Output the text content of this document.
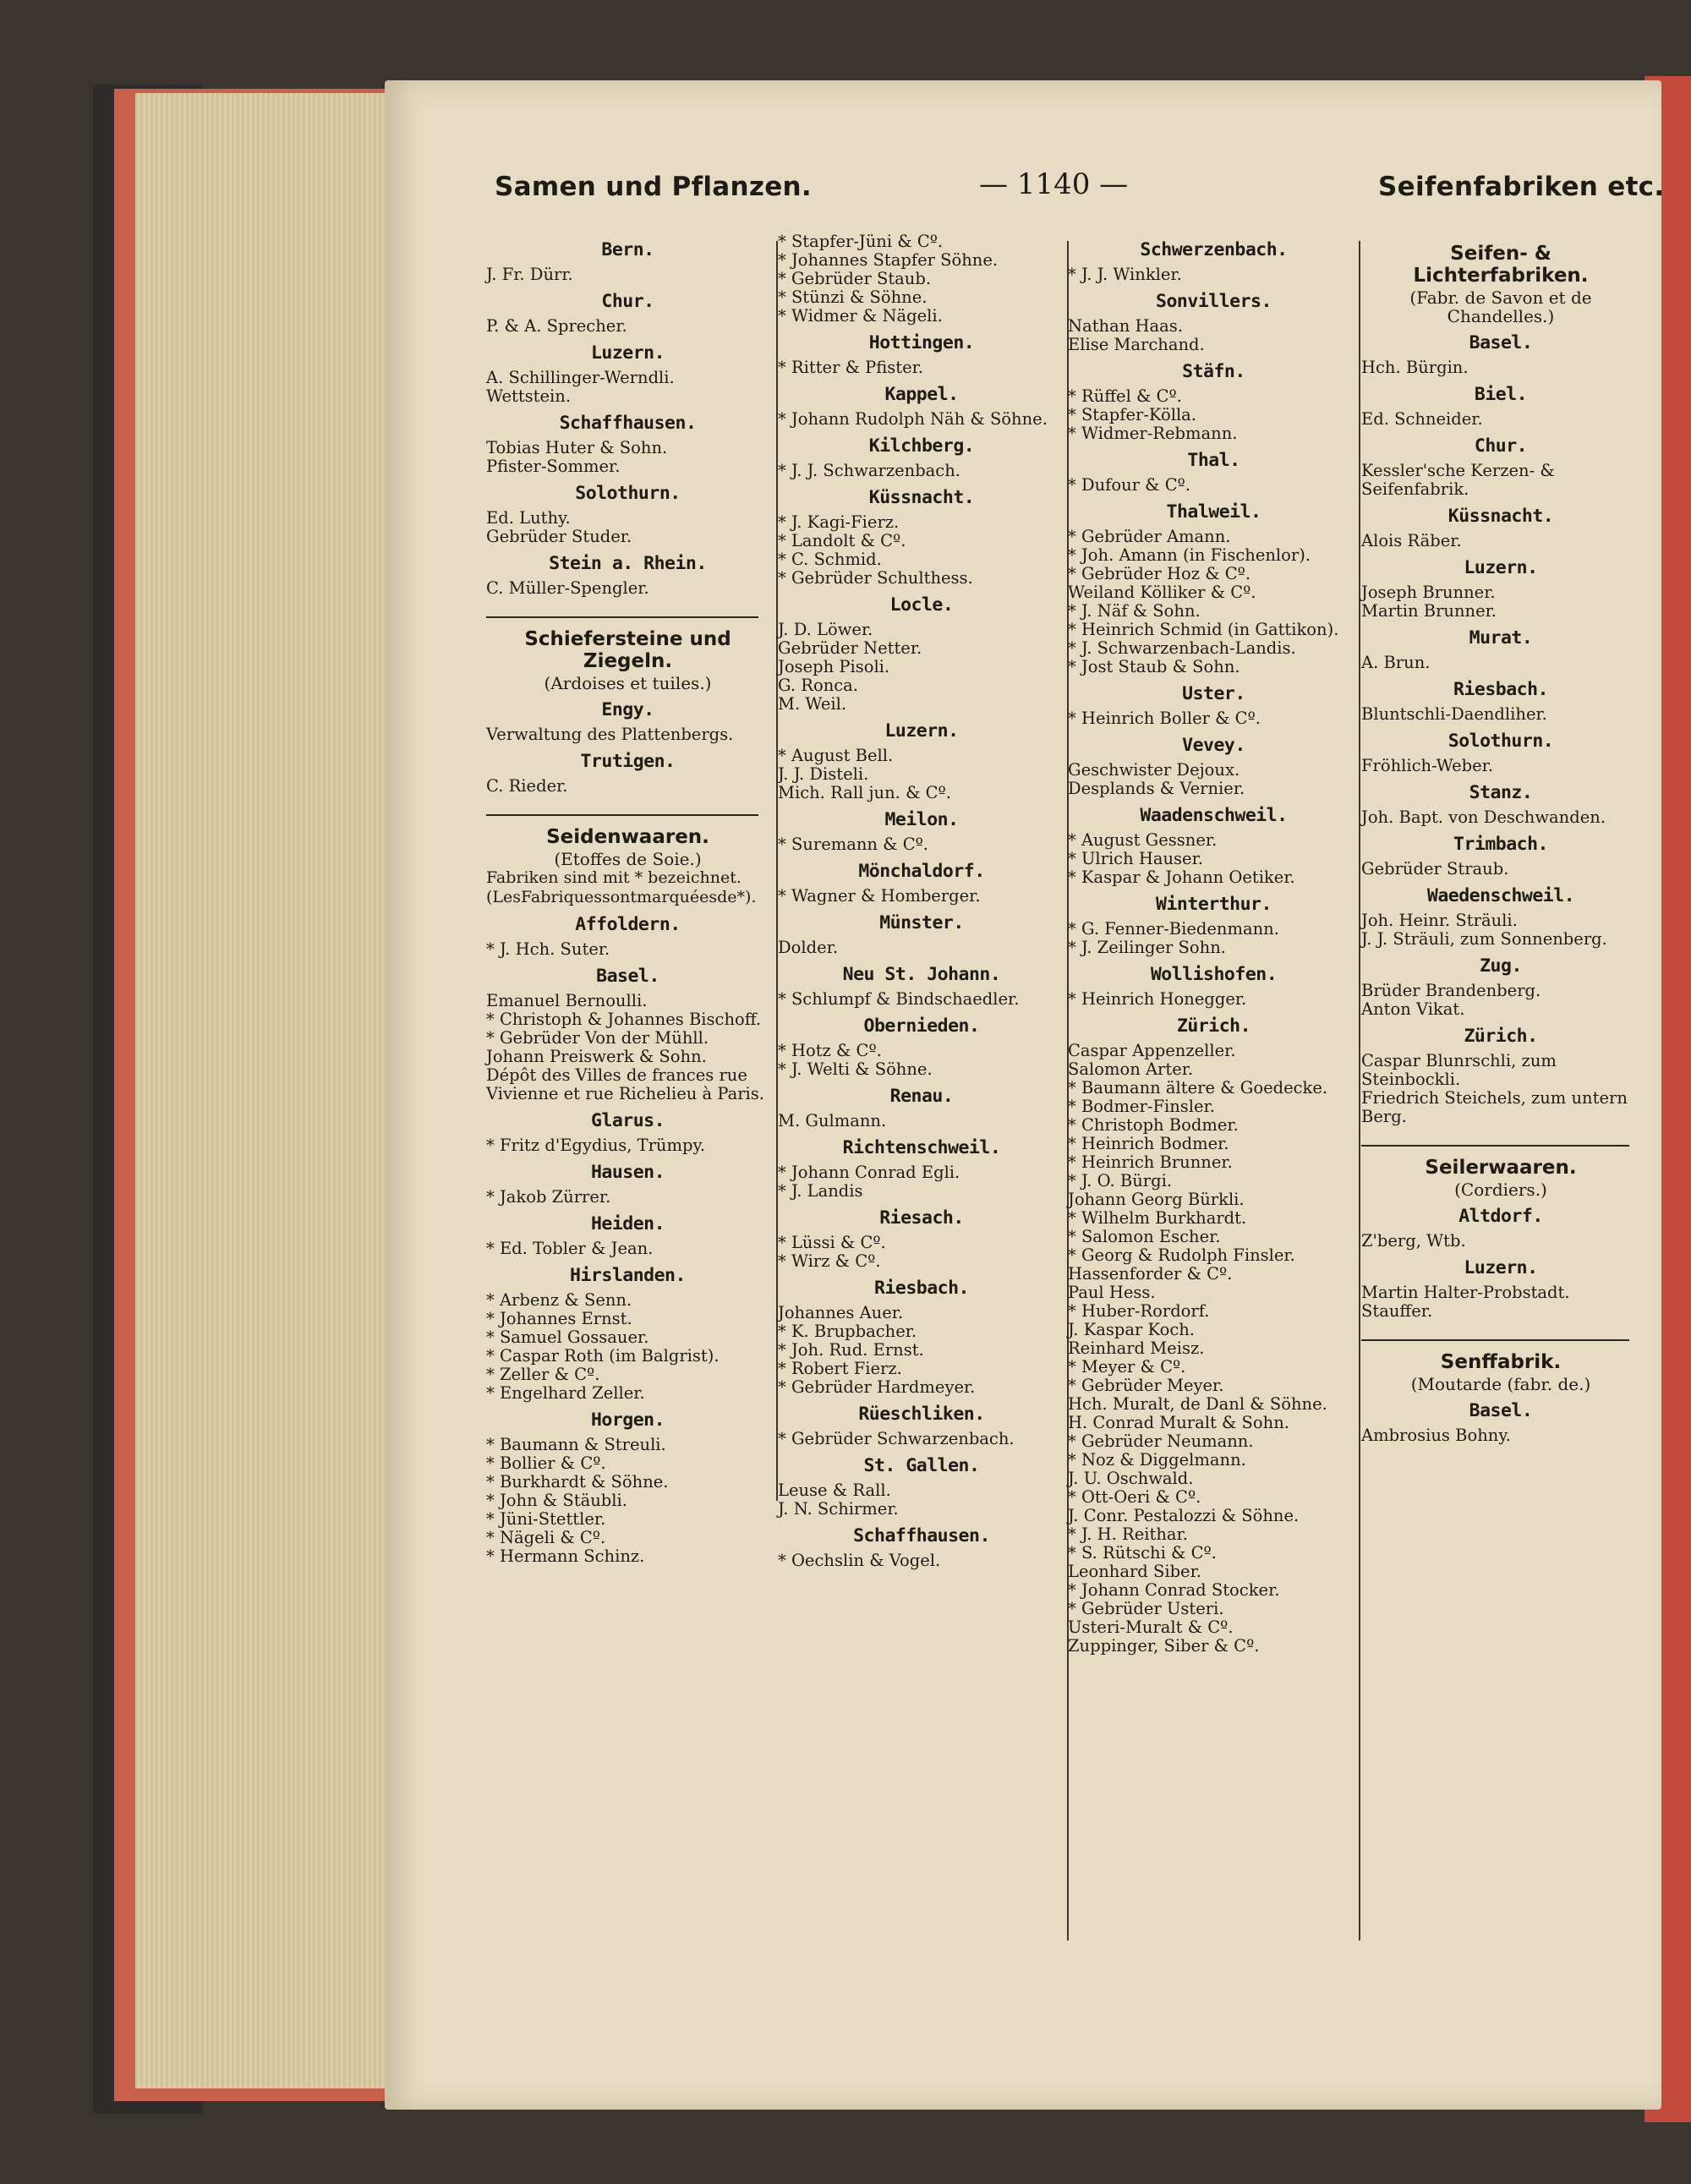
Samen und Pflanzen.	— 1140 —	Seifenfabriken etc.
Bern.
J. Fr. Dürr.
Chur.
P. & A. Sprecher.
Luzern.
A. Schillinger-Werndli.
Wettstein.
Schaffhausen.
Tobias Huter & Sohn.
Pfister-Sommer.
Solothurn.
Ed. Luthy.
Gebrüder Studer.
Stein a. Rhein.
C. Müller-Spengler.
Schiefersteine und Ziegeln.
(Ardoises et tuiles.)
Engy.
Verwaltung des Plattenbergs.
Trutigen.
C. Rieder.
Seidenwaaren.
(Etoffes de Soie.)
Fabriken sind mit * bezeichnet.
(LesFabriquessontmarquéesde*).
Affoldern.
* J. Hch. Suter.
Basel.
Emanuel Bernoulli.
* Christoph & Johannes Bischoff.
* Gebrüder Von der Mühll.
Johann Preiswerk & Sohn.
Dépôt des Villes de frances rue Vivienne et rue Richelieu à Paris.
Glarus.
* Fritz d'Egydius, Trümpy.
Hausen.
* Jakob Zürrer.
Heiden.
* Ed. Tobler & Jean.
Hirslanden.
* Arbenz & Senn.
* Johannes Ernst.
* Samuel Gossauer.
* Caspar Roth (im Balgrist).
* Zeller & Cº.
* Engelhard Zeller.
Horgen.
* Baumann & Streuli.
* Bollier & Cº.
* Burkhardt & Söhne.
* John & Stäubli.
* Jüni-Stettler.
* Nägeli & Cº.
* Hermann Schinz.
* Stapfer-Jüni & Cº.
* Johannes Stapfer Söhne.
* Gebrüder Staub.
* Stünzi & Söhne.
* Widmer & Nägeli.
Hottingen.
* Ritter & Pfister.
Kappel.
* Johann Rudolph Näh & Söhne.
Kilchberg.
* J. J. Schwarzenbach.
Küssnacht.
* J. Kagi-Fierz.
* Landolt & Cº.
* C. Schmid.
* Gebrüder Schulthess.
Locle.
J. D. Löwer.
Gebrüder Netter.
Joseph Pisoli.
G. Ronca.
M. Weil.
Luzern.
* August Bell.
J. J. Disteli.
Mich. Rall jun. & Cº.
Meilon.
* Suremann & Cº.
Mönchaldorf.
* Wagner & Homberger.
Münster.
Dolder.
Neu St. Johann.
* Schlumpf & Bindschaedler.
Obernieden.
* Hotz & Cº.
* J. Welti & Söhne.
Renau.
M. Gulmann.
Richtenschweil.
* Johann Conrad Egli.
* J. Landis
Riesach.
* Lüssi & Cº.
* Wirz & Cº.
Riesbach.
Johannes Auer.
* K. Brupbacher.
* Joh. Rud. Ernst.
* Robert Fierz.
* Gebrüder Hardmeyer.
Rüeschliken.
* Gebrüder Schwarzenbach.
St. Gallen.
Leuse & Rall.
J. N. Schirmer.
Schaffhausen.
* Oechslin & Vogel.
Schwerzenbach.
* J. J. Winkler.
Sonvillers.
Nathan Haas.
Elise Marchand.
Stäfn.
* Rüffel & Cº.
* Stapfer-Kölla.
* Widmer-Rebmann.
Thal.
* Dufour & Cº.
Thalweil.
* Gebrüder Amann.
* Joh. Amann (in Fischenlor).
* Gebrüder Hoz & Cº.
Weiland Kölliker & Cº.
* J. Näf & Sohn.
* Heinrich Schmid (in Gattikon).
* J. Schwarzenbach-Landis.
* Jost Staub & Sohn.
Uster.
* Heinrich Boller & Cº.
Vevey.
Geschwister Dejoux.
Desplands & Vernier.
Waadenschweil.
* August Gessner.
* Ulrich Hauser.
* Kaspar & Johann Oetiker.
Winterthur.
* G. Fenner-Biedenmann.
* J. Zeilinger Sohn.
Wollishofen.
* Heinrich Honegger.
Zürich.
Caspar Appenzeller.
Salomon Arter.
* Baumann ältere & Goedecke.
* Bodmer-Finsler.
* Christoph Bodmer.
* Heinrich Bodmer.
* Heinrich Brunner.
* J. O. Bürgi.
Johann Georg Bürkli.
* Wilhelm Burkhardt.
* Salomon Escher.
* Georg & Rudolph Finsler.
Hassenforder & Cº.
Paul Hess.
* Huber-Rordorf.
J. Kaspar Koch.
Reinhard Meisz.
* Meyer & Cº.
* Gebrüder Meyer.
Hch. Muralt, de Danl & Söhne.
H. Conrad Muralt & Sohn.
* Gebrüder Neumann.
* Noz & Diggelmann.
J. U. Oschwald.
* Ott-Oeri & Cº.
J. Conr. Pestalozzi & Söhne.
* J. H. Reithar.
* S. Rütschi & Cº.
Leonhard Siber.
* Johann Conrad Stocker.
* Gebrüder Usteri.
Usteri-Muralt & Cº.
Zuppinger, Siber & Cº.
Seifen- & Lichterfabriken.
(Fabr. de Savon et de Chandelles.)
Basel.
Hch. Bürgin.
Biel.
Ed. Schneider.
Chur.
Kessler'sche Kerzen- & Seifenfabrik.
Küssnacht.
Alois Räber.
Luzern.
Joseph Brunner.
Martin Brunner.
Murat.
A. Brun.
Riesbach.
Bluntschli-Daendliher.
Solothurn.
Fröhlich-Weber.
Stanz.
Joh. Bapt. von Deschwanden.
Trimbach.
Gebrüder Straub.
Waedenschweil.
Joh. Heinr. Sträuli.
J. J. Sträuli, zum Sonnenberg.
Zug.
Brüder Brandenberg.
Anton Vikat.
Zürich.
Caspar Blunrschli, zum Steinbockli.
Friedrich Steichels, zum untern Berg.
Seilerwaaren.
(Cordiers.)
Altdorf.
Z'berg, Wtb.
Luzern.
Martin Halter-Probstadt.
Stauffer.
Senffabrik.
(Moutarde (fabr. de.)
Basel.
Ambrosius Bohny.
